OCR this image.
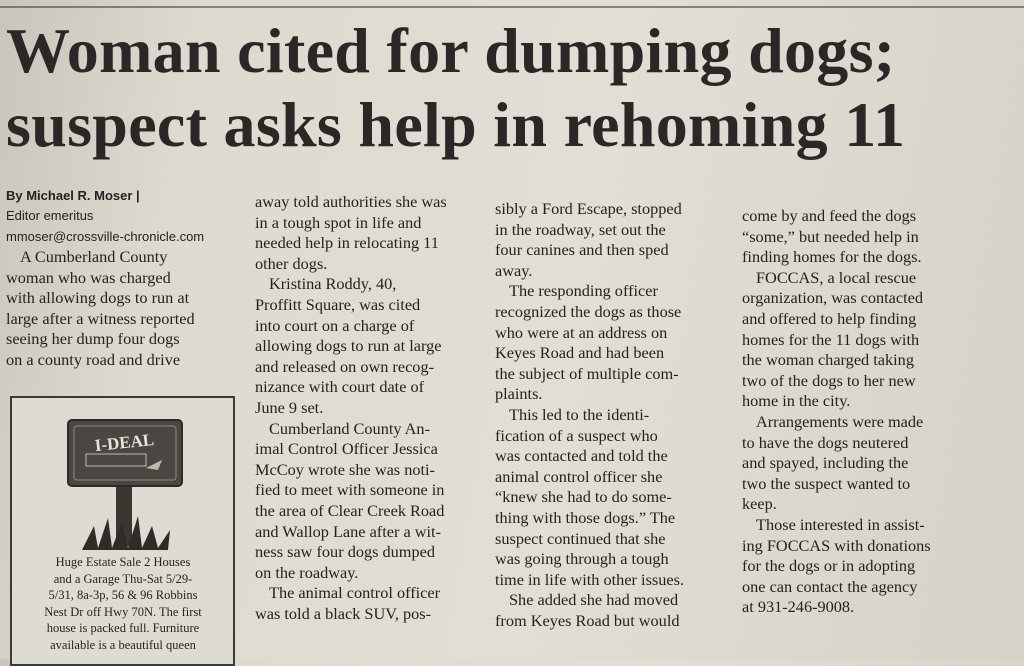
Woman cited for dumping dogs;
suspect asks help in rehoming 11
By Michael R. Moser |
Editor emeritus
mmoser@crossville-chronicle.com

A Cumberland County

woman who was charged

with allowing dogs to run at

large after a witness reported

seeing her dump four dogs

on a county road and drive

I-DEAL
Huge Estate Sale 2 Houses
and a Garage Thu-Sat 5/29-
5/31, 8a-3p, 56 & 96 Robbins
Nest Dr off Hwy 70N. The first
house is packed full. Furniture
available is a beautiful queen

away told authorities she was

in a tough spot in life and

needed help in relocating 11

other dogs.

Kristina Roddy, 40,

Proffitt Square, was cited

into court on a charge of

allowing dogs to run at large

and released on own recog-

nizance with court date of

June 9 set.

Cumberland County An-

imal Control Officer Jessica

McCoy wrote she was noti-

fied to meet with someone in

the area of Clear Creek Road

and Wallop Lane after a wit-

ness saw four dogs dumped

on the roadway.

The animal control officer

was told a black SUV, pos-

sibly a Ford Escape, stopped

in the roadway, set out the

four canines and then sped

away.

The responding officer

recognized the dogs as those

who were at an address on

Keyes Road and had been

the subject of multiple com-

plaints.

This led to the identi-

fication of a suspect who

was contacted and told the

animal control officer she

“knew she had to do some-

thing with those dogs.” The

suspect continued that she

was going through a tough

time in life with other issues.

She added she had moved

from Keyes Road but would

come by and feed the dogs

“some,” but needed help in

finding homes for the dogs.

FOCCAS, a local rescue

organization, was contacted

and offered to help finding

homes for the 11 dogs with

the woman charged taking

two of the dogs to her new

home in the city.

Arrangements were made

to have the dogs neutered

and spayed, including the

two the suspect wanted to

keep.

Those interested in assist-

ing FOCCAS with donations

for the dogs or in adopting

one can contact the agency

at 931-246-9008.
